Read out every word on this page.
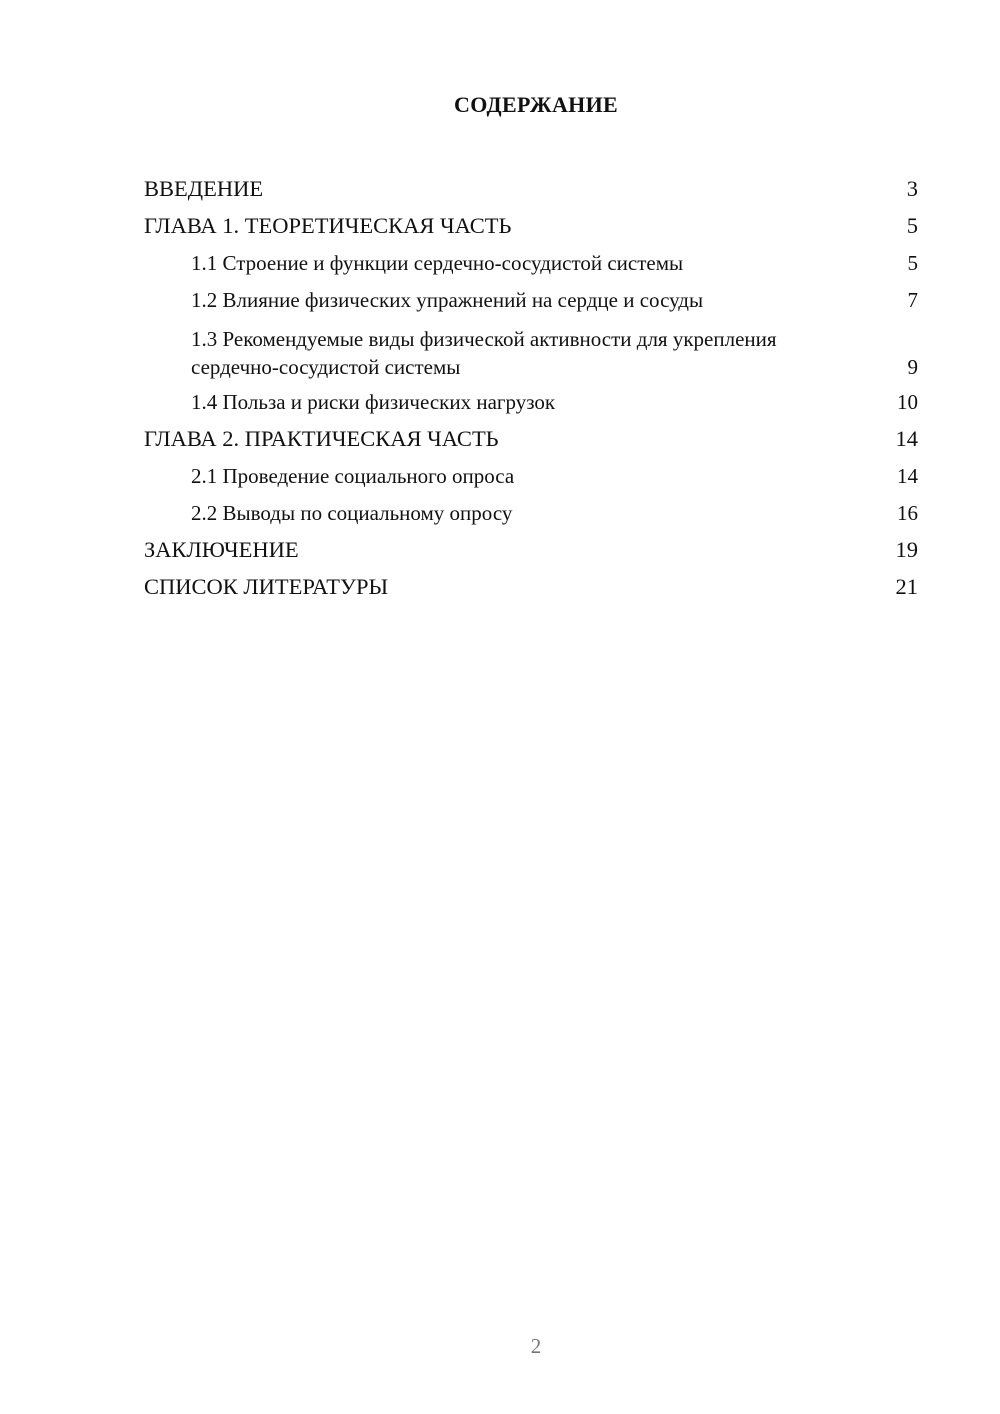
СОДЕРЖАНИЕ
ВВЕДЕНИЕ	3
ГЛАВА 1. ТЕОРЕТИЧЕСКАЯ ЧАСТЬ	5
1.1 Строение и функции сердечно-сосудистой системы	5
1.2 Влияние физических упражнений на сердце и сосуды	7
1.3 Рекомендуемые виды физической активности для укрепления сердечно-сосудистой системы	9
1.4 Польза и риски физических нагрузок	10
ГЛАВА 2. ПРАКТИЧЕСКАЯ ЧАСТЬ	14
2.1 Проведение социального опроса	14
2.2 Выводы по социальному опросу	16
ЗАКЛЮЧЕНИЕ	19
СПИСОК ЛИТЕРАТУРЫ	21
2
